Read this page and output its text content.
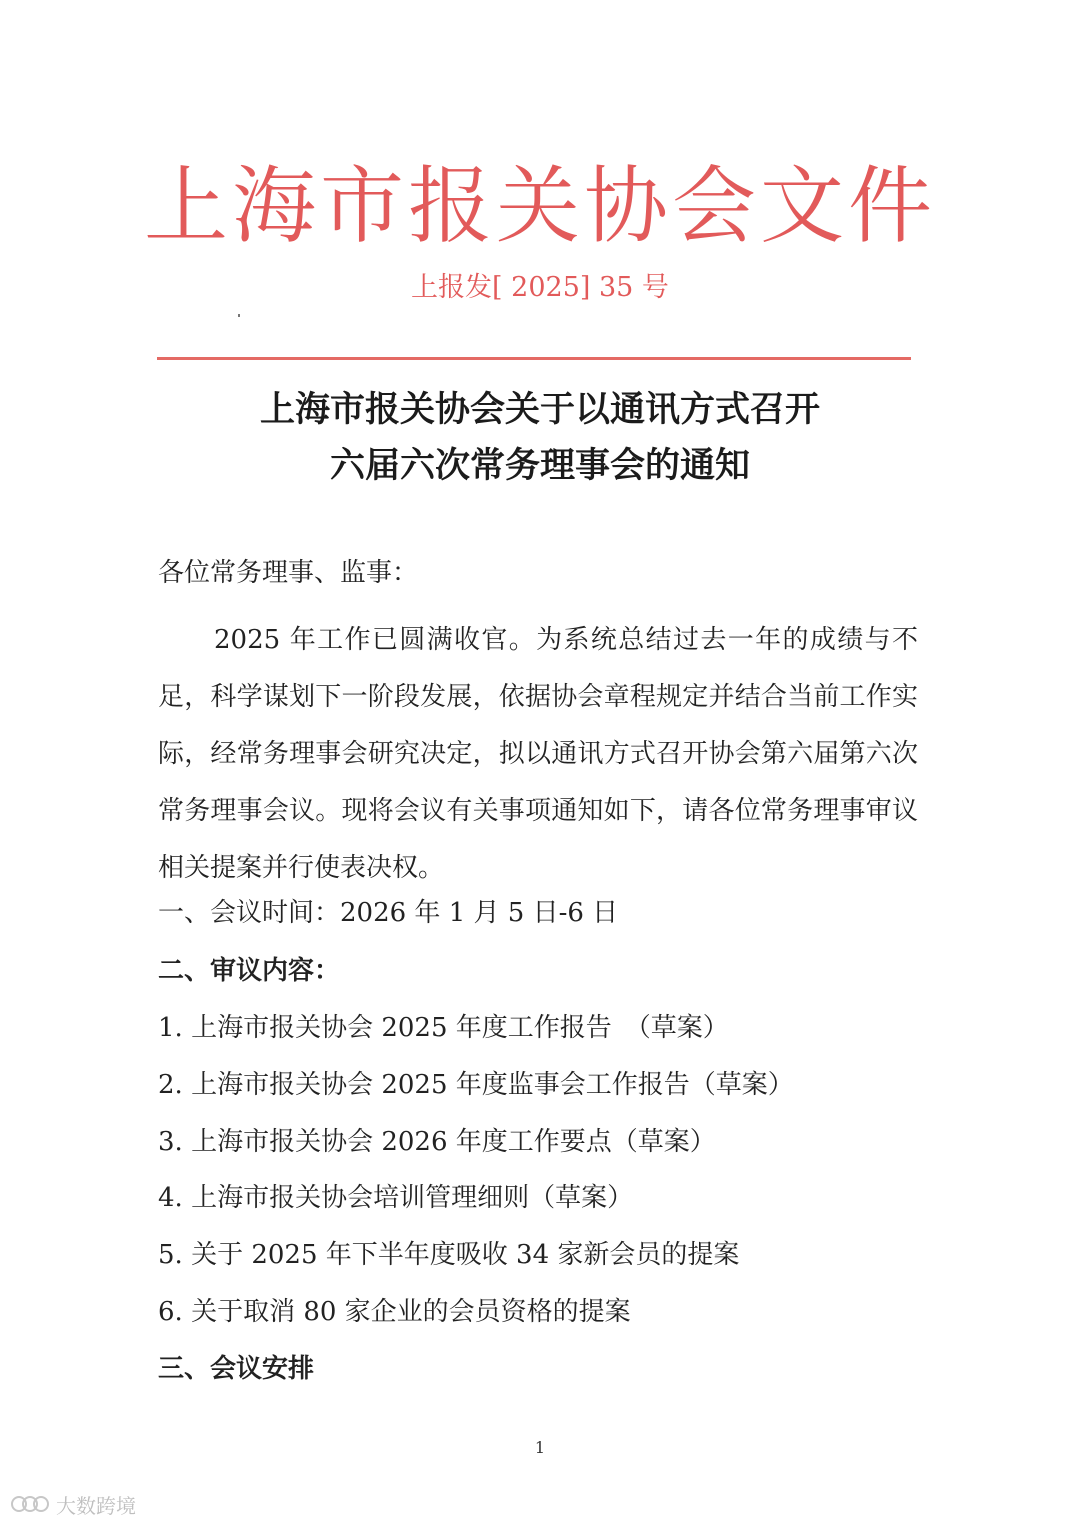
上海市报关协会文件
上报发[ 2025] 35 号
上海市报关协会关于以通讯方式召开
六届六次常务理事会的通知
各位常务理事、监事：
2025 年工作已圆满收官。为系统总结过去一年的成绩与不足，科学谋划下一阶段发展，依据协会章程规定并结合当前工作实际，经常务理事会研究决定，拟以通讯方式召开协会第六届第六次常务理事会议。现将会议有关事项通知如下，请各位常务理事审议相关提案并行使表决权。
一、会议时间：2026 年 1 月 5 日-6 日
二、审议内容：
1. 上海市报关协会 2025 年度工作报告　（草案）
2. 上海市报关协会 2025 年度监事会工作报告（草案）
3. 上海市报关协会 2026 年度工作要点（草案）
4. 上海市报关协会培训管理细则（草案）
5. 关于 2025 年下半年度吸收 34 家新会员的提案
6. 关于取消 80 家企业的会员资格的提案
三、会议安排
1
大数跨境
